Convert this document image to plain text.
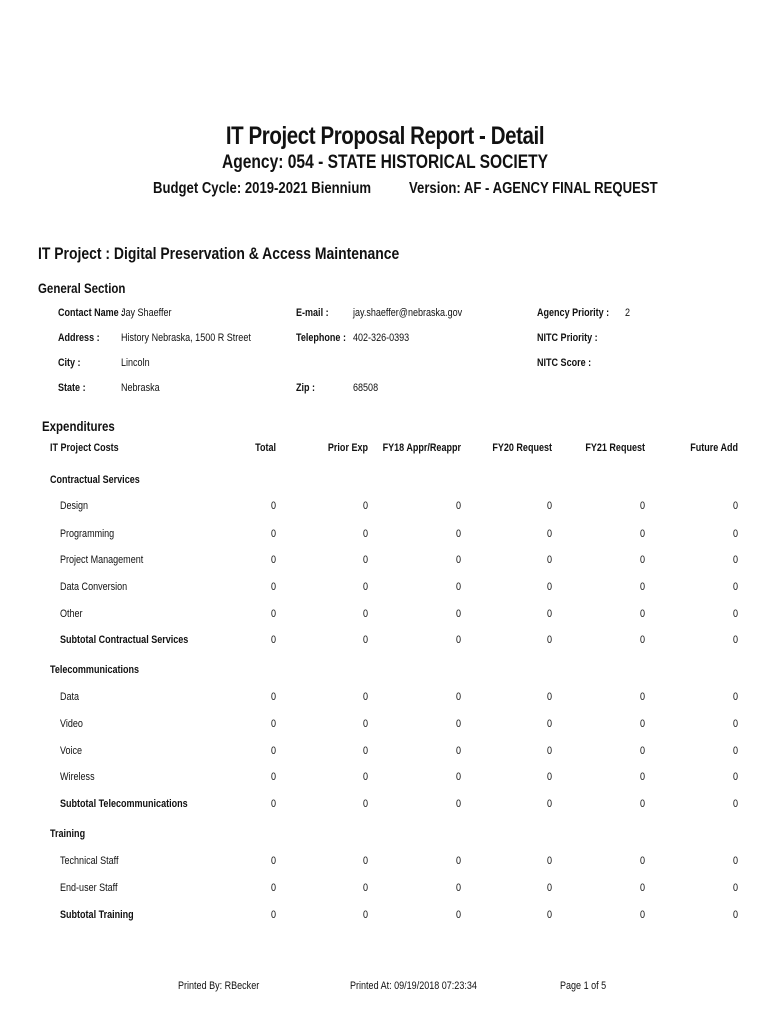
IT Project Proposal Report - Detail
Agency: 054 - STATE HISTORICAL SOCIETY
Budget Cycle: 2019-2021 Biennium Version: AF - AGENCY FINAL REQUEST
IT Project : Digital Preservation & Access Maintenance
General Section
Contact Name :
Jay Shaeffer
Address : History Nebraska, 1500 R Street
City :	Lincoln
State :	Nebraska
E-mail : jay.shaeffer@nebraska.gov
Telephone : 402-326-0393
Zip :	68508
Agency Priority : 2
NITC Priority :
NITC Score :
Expenditures
IT Project Costs	Total	Prior Exp	FY18 Appr/Reappr	FY20 Request	FY21 Request	Future Add
Contractual Services
Design	0	0	0	0	0	0
Programming	0	0	0	0	0	0
Project Management	0	0	0	0	0	0
Data Conversion	0	0	0	0	0	0
Other	0	0	0	0	0	0
Subtotal Contractual Services	0	0	0	0	0	0
Telecommunications
Data	0	0	0	0	0	0
Video	0	0	0	0	0	0
Voice	0	0	0	0	0	0
Wireless	0	0	0	0	0	0
Subtotal Telecommunications	0	0	0	0	0	0
Training
Technical Staff	0	0	0	0	0	0
End-user Staff	0	0	0	0	0	0
Subtotal Training	0	0	0	0	0	0
Printed By: RBecker	Printed At: 09/19/2018 07:23:34	Page 1 of 5
